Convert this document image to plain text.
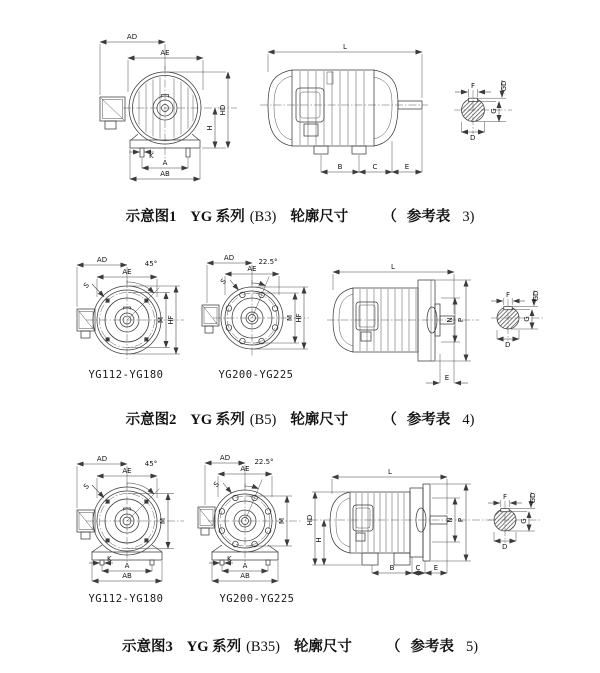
AD
AE
HD
H
K
A
AB
L
B	C	E
F	GD
G
D
示意图1 YG 系列 (B3) 轮廓尺寸 （ 参考表 3)
45°
AD
AE
S
M HF
22.5°
AD
AE
S
M HF
L
N P
E
F	GD
G
D
YG112-YG180	YG200-YG225
示意图2 YG 系列 (B5) 轮廓尺寸 （ 参考表 4)
45°
AD
AE
S
M
K
A
AB
22.5°
AD
AE
S
M
K
A
AB
L
HD
H
N P
B	C E
F	GD
G
D
YG112-YG180	YG200-YG225
示意图3 YG 系列 (B35) 轮廓尺寸 （ 参考表 5)
